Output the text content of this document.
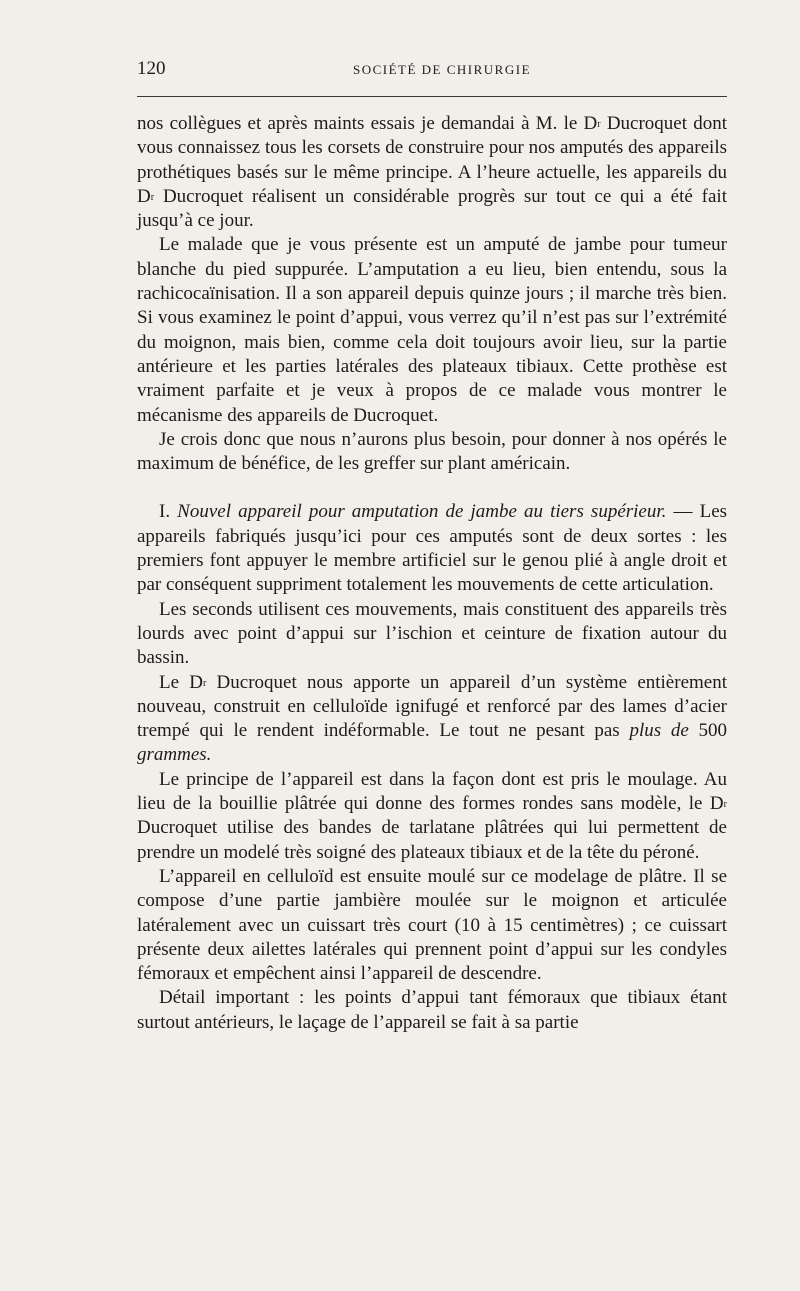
120	SOCIÉTÉ DE CHIRURGIE

nos collègues et après maints essais je demandai à M. le $D^r$ Ducroquet dont vous connaissez tous les corsets de construire pour nos amputés des appareils prothétiques basés sur le même principe. A l’heure actuelle, les appareils du $D^r$ Ducroquet réalisent un considérable progrès sur tout ce qui a été fait jusqu’à ce jour.

Le malade que je vous présente est un amputé de jambe pour tumeur blanche du pied suppurée. L’amputation a eu lieu, bien entendu, sous la rachicocaïnisation. Il a son appareil depuis quinze jours ; il marche très bien. Si vous examinez le point d’appui, vous verrez qu’il n’est pas sur l’extrémité du moignon, mais bien, comme cela doit toujours avoir lieu, sur la partie antérieure et les parties latérales des plateaux tibiaux. Cette prothèse est vraiment parfaite et je veux à propos de ce malade vous montrer le mécanisme des appareils de Ducroquet.

Je crois donc que nous n’aurons plus besoin, pour donner à nos opérés le maximum de bénéfice, de les greffer sur plant américain.

I. Nouvel appareil pour amputation de jambe au tiers supérieur. — Les appareils fabriqués jusqu’ici pour ces amputés sont de deux sortes : les premiers font appuyer le membre artificiel sur le genou plié à angle droit et par conséquent suppriment totalement les mouvements de cette articulation.

Les seconds utilisent ces mouvements, mais constituent des appareils très lourds avec point d’appui sur l’ischion et ceinture de fixation autour du bassin.

Le $D^r$ Ducroquet nous apporte un appareil d’un système entièrement nouveau, construit en celluloïde ignifugé et renforcé par des lames d’acier trempé qui le rendent indéformable. Le tout ne pesant pas plus de 500 grammes.

Le principe de l’appareil est dans la façon dont est pris le moulage. Au lieu de la bouillie plâtrée qui donne des formes rondes sans modèle, le $D^r$ Ducroquet utilise des bandes de tarlatane plâtrées qui lui permettent de prendre un modelé très soigné des plateaux tibiaux et de la tête du péroné.

L’appareil en celluloïd est ensuite moulé sur ce modelage de plâtre. Il se compose d’une partie jambière moulée sur le moignon et articulée latéralement avec un cuissart très court (10 à 15 centimètres) ; ce cuissart présente deux ailettes latérales qui prennent point d’appui sur les condyles fémoraux et empêchent ainsi l’appareil de descendre.

Détail important : les points d’appui tant fémoraux que tibiaux étant surtout antérieurs, le laçage de l’appareil se fait à sa partie
